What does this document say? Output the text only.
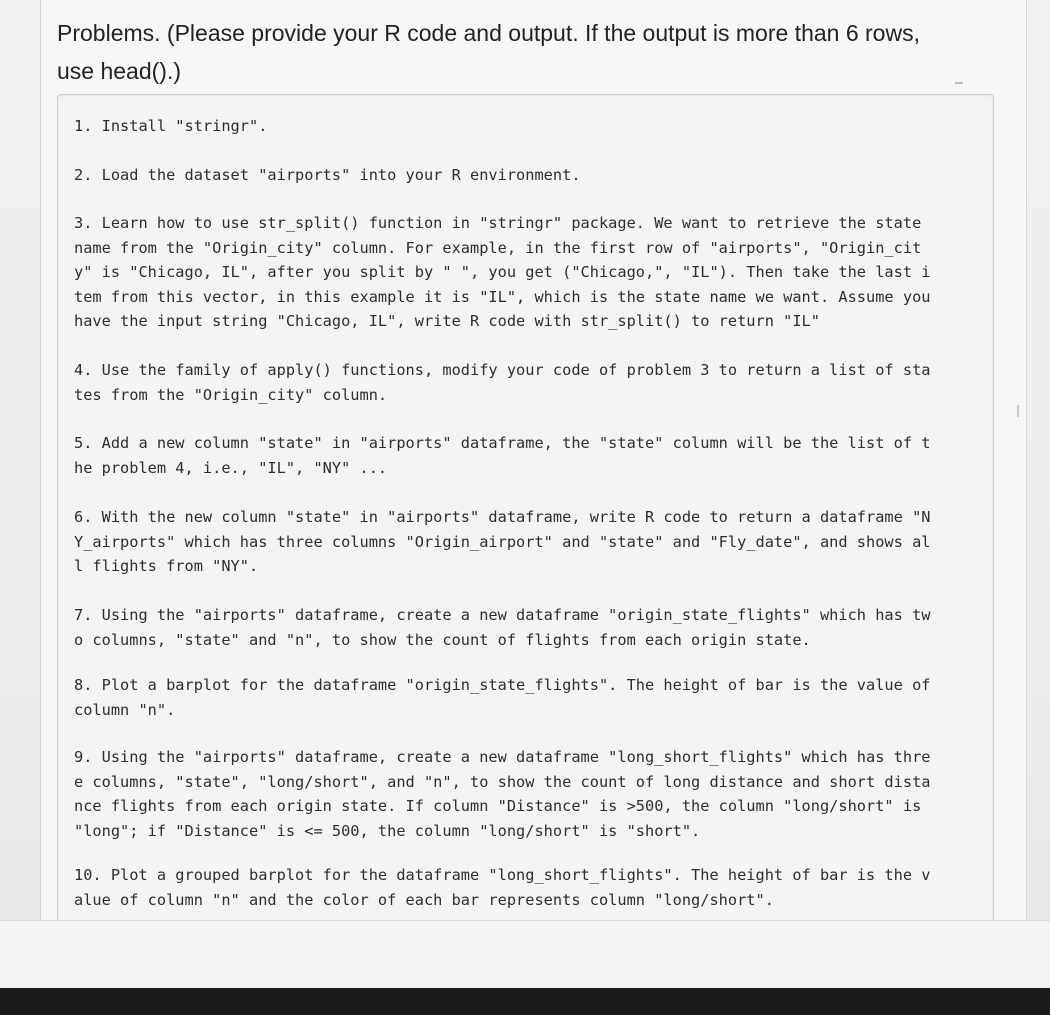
Problems. (Please provide your R code and output. If the output is more than 6 rows,
use head().)
1. Install "stringr".
2. Load the dataset "airports" into your R environment.
3. Learn how to use str_split() function in "stringr" package. We want to retrieve the state
name from the "Origin_city" column. For example, in the first row of "airports", "Origin_cit
y" is "Chicago, IL", after you split by " ", you get ("Chicago,", "IL"). Then take the last i
tem from this vector, in this example it is "IL", which is the state name we want. Assume you
have the input string "Chicago, IL", write R code with str_split() to return "IL"
4. Use the family of apply() functions, modify your code of problem 3 to return a list of sta
tes from the "Origin_city" column.
5. Add a new column "state" in "airports" dataframe, the "state" column will be the list of t
he problem 4, i.e., "IL", "NY" ...
6. With the new column "state" in "airports" dataframe, write R code to return a dataframe "N
Y_airports" which has three columns "Origin_airport" and "state" and "Fly_date", and shows al
l flights from "NY".
7. Using the "airports" dataframe, create a new dataframe "origin_state_flights" which has tw
o columns, "state" and "n", to show the count of flights from each origin state.
8. Plot a barplot for the dataframe "origin_state_flights". The height of bar is the value of
column "n".
9. Using the "airports" dataframe, create a new dataframe "long_short_flights" which has thre
e columns, "state", "long/short", and "n", to show the count of long distance and short dista
nce flights from each origin state. If column "Distance" is >500, the column "long/short" is
"long"; if "Distance" is <= 500, the column "long/short" is "short".
10. Plot a grouped barplot for the dataframe "long_short_flights". The height of bar is the v
alue of column "n" and the color of each bar represents column "long/short".
